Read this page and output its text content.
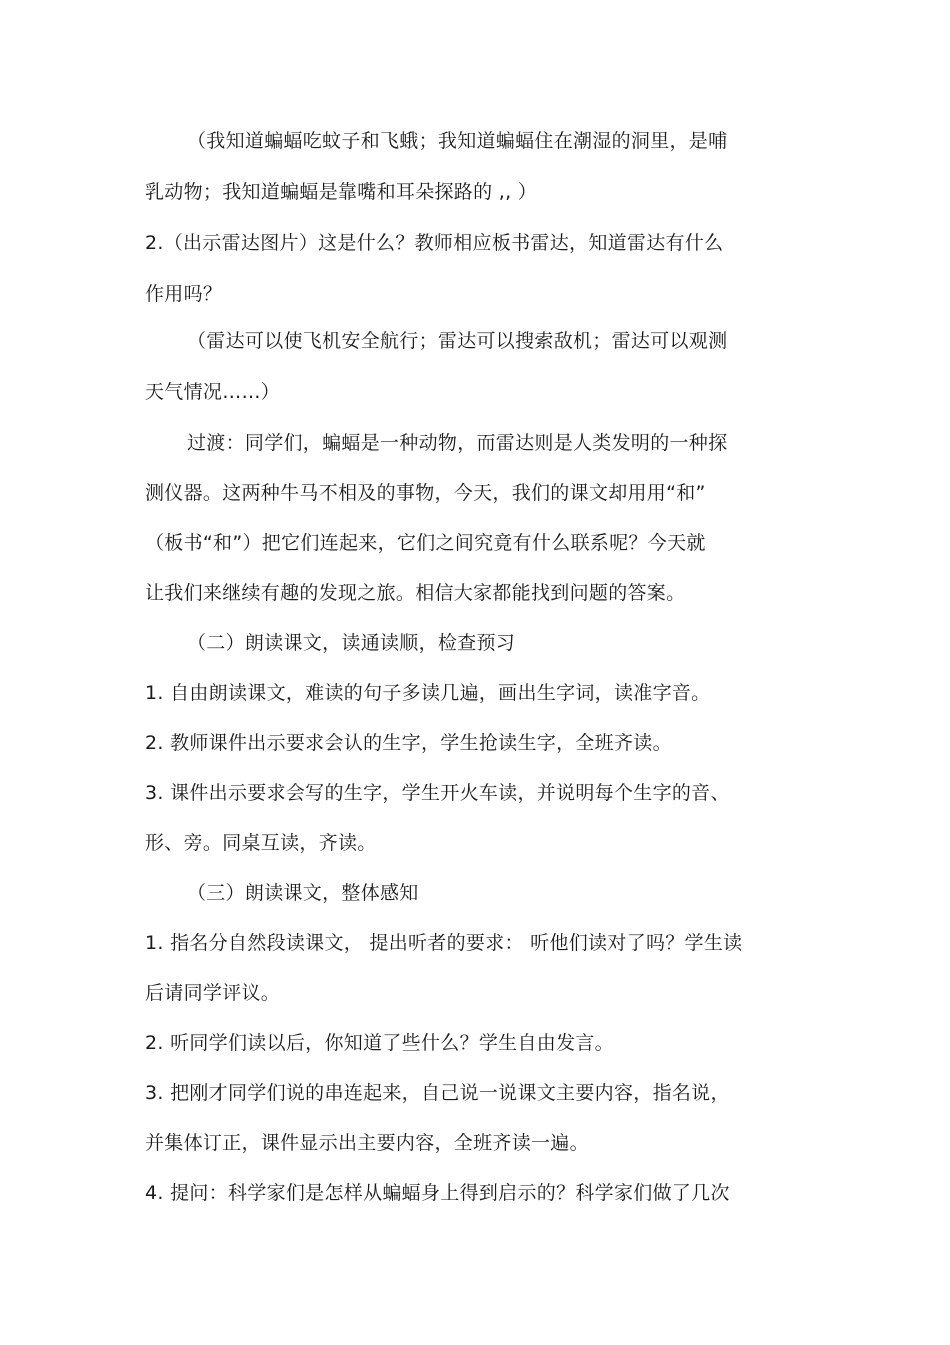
（我知道蝙蝠吃蚊子和飞蛾；我知道蝙蝠住在潮湿的洞里，是哺
乳动物；我知道蝙蝠是靠嘴和耳朵探路的 ,, ）
2.（出示雷达图片）这是什么？教师相应板书雷达，知道雷达有什么
作用吗？
（雷达可以使飞机安全航行；雷达可以搜索敌机；雷达可以观测
天气情况……）
过渡：同学们，蝙蝠是一种动物，而雷达则是人类发明的一种探
测仪器。这两种牛马不相及的事物，今天，我们的课文却用用“和”
（板书“和”）把它们连起来，它们之间究竟有什么联系呢？今天就
让我们来继续有趣的发现之旅。相信大家都能找到问题的答案。
（二）朗读课文，读通读顺，检查预习
1. 自由朗读课文，难读的句子多读几遍，画出生字词，读准字音。
2. 教师课件出示要求会认的生字，学生抢读生字，全班齐读。
3. 课件出示要求会写的生字，学生开火车读，并说明每个生字的音、
形、旁。同桌互读，齐读。
（三）朗读课文，整体感知
1. 指名分自然段读课文， 提出听者的要求： 听他们读对了吗？学生读
后请同学评议。
2. 听同学们读以后，你知道了些什么？学生自由发言。
3. 把刚才同学们说的串连起来，自己说一说课文主要内容，指名说，
并集体订正，课件显示出主要内容，全班齐读一遍。
4. 提问：科学家们是怎样从蝙蝠身上得到启示的？科学家们做了几次
